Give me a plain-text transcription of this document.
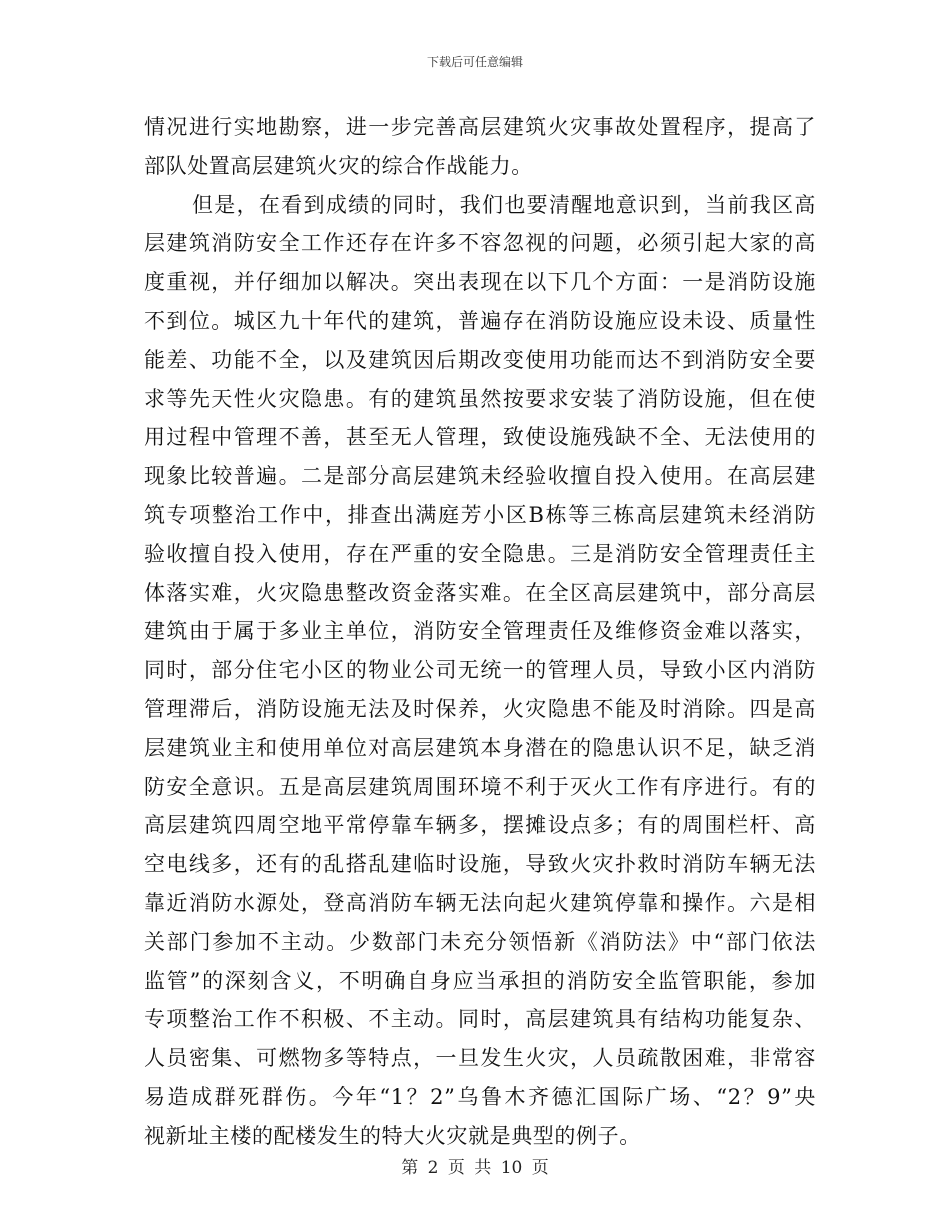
下载后可任意编辑
情况进行实地勘察，进一步完善高层建筑火灾事故处置程序，提高了
部队处置高层建筑火灾的综合作战能力。
但是，在看到成绩的同时，我们也要清醒地意识到，当前我区高
层建筑消防安全工作还存在许多不容忽视的问题，必须引起大家的高
度重视，并仔细加以解决。突出表现在以下几个方面：一是消防设施
不到位。城区九十年代的建筑，普遍存在消防设施应设未设、质量性
能差、功能不全，以及建筑因后期改变使用功能而达不到消防安全要
求等先天性火灾隐患。有的建筑虽然按要求安装了消防设施，但在使
用过程中管理不善，甚至无人管理，致使设施残缺不全、无法使用的
现象比较普遍。二是部分高层建筑未经验收擅自投入使用。在高层建
筑专项整治工作中，排查出满庭芳小区B栋等三栋高层建筑未经消防
验收擅自投入使用，存在严重的安全隐患。三是消防安全管理责任主
体落实难，火灾隐患整改资金落实难。在全区高层建筑中，部分高层
建筑由于属于多业主单位，消防安全管理责任及维修资金难以落实，
同时，部分住宅小区的物业公司无统一的管理人员，导致小区内消防
管理滞后，消防设施无法及时保养，火灾隐患不能及时消除。四是高
层建筑业主和使用单位对高层建筑本身潜在的隐患认识不足，缺乏消
防安全意识。五是高层建筑周围环境不利于灭火工作有序进行。有的
高层建筑四周空地平常停靠车辆多，摆摊设点多；有的周围栏杆、高
空电线多，还有的乱搭乱建临时设施，导致火灾扑救时消防车辆无法
靠近消防水源处，登高消防车辆无法向起火建筑停靠和操作。六是相
关部门参加不主动。少数部门未充分领悟新《消防法》中“部门依法
监管”的深刻含义，不明确自身应当承担的消防安全监管职能，参加
专项整治工作不积极、不主动。同时，高层建筑具有结构功能复杂、
人员密集、可燃物多等特点，一旦发生火灾，人员疏散困难，非常容
易造成群死群伤。今年“1？2”乌鲁木齐德汇国际广场、“2？9”央
视新址主楼的配楼发生的特大火灾就是典型的例子。
第 2 页 共 10 页
